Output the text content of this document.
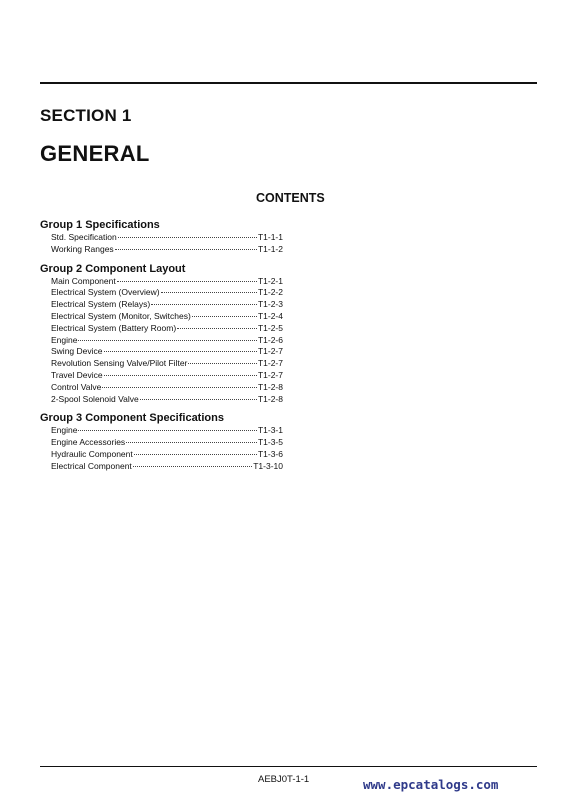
SECTION 1
GENERAL
CONTENTS
Group 1 Specifications
Std. Specification	T1-1-1
Working Ranges	T1-1-2
Group 2 Component Layout
Main Component	T1-2-1
Electrical System (Overview)	T1-2-2
Electrical System (Relays)	T1-2-3
Electrical System (Monitor, Switches)	T1-2-4
Electrical System (Battery Room)	T1-2-5
Engine	T1-2-6
Swing Device	T1-2-7
Revolution Sensing Valve/Pilot Filter	T1-2-7
Travel Device	T1-2-7
Control Valve	T1-2-8
2-Spool Solenoid Valve	T1-2-8
Group 3 Component Specifications
Engine	T1-3-1
Engine Accessories	T1-3-5
Hydraulic Component	T1-3-6
Electrical Component	T1-3-10
AEBJ0T-1-1	www.epcatalogs.com
